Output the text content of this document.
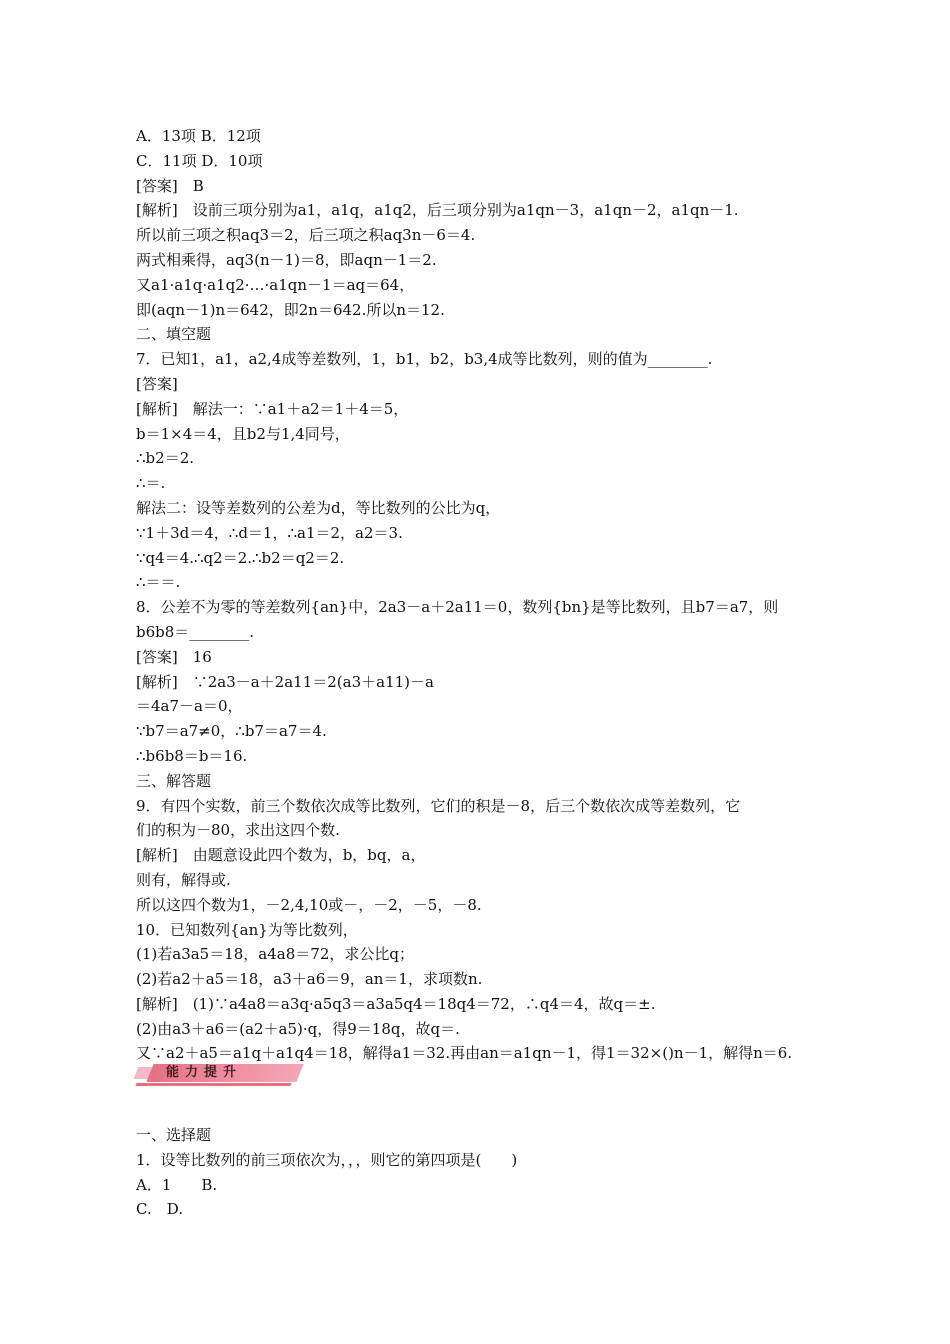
A．13项 B．12项
C．11项 D．10项
[答案]　B
[解析]　设前三项分别为a1，a1q，a1q2，后三项分别为a1qn－3，a1qn－2，a1qn－1.
所以前三项之积aq3＝2，后三项之积aq3n－6＝4.
两式相乘得，aq3(n－1)＝8，即aqn－1＝2.
又a1·a1q·a1q2·…·a1qn－1＝aq＝64，
即(aqn－1)n＝642，即2n＝642.所以n＝12.
二、填空题
7．已知1，a1，a2,4成等差数列，1，b1，b2，b3,4成等比数列，则的值为________.
[答案]
[解析]　解法一：∵a1＋a2＝1＋4＝5，
b＝1×4＝4，且b2与1,4同号，
∴b2＝2.
∴＝.
解法二：设等差数列的公差为d，等比数列的公比为q，
∵1＋3d＝4，∴d＝1，∴a1＝2，a2＝3.
∵q4＝4.∴q2＝2.∴b2＝q2＝2.
∴＝＝.
8．公差不为零的等差数列{an}中，2a3－a＋2a11＝0，数列{bn}是等比数列，且b7＝a7，则
b6b8＝________.
[答案]　16
[解析]　∵2a3－a＋2a11＝2(a3＋a11)－a
＝4a7－a＝0，
∵b7＝a7≠0，∴b7＝a7＝4.
∴b6b8＝b＝16.
三、解答题
9．有四个实数，前三个数依次成等比数列，它们的积是－8，后三个数依次成等差数列，它
们的积为－80，求出这四个数.
[解析]　由题意设此四个数为，b，bq，a，
则有，解得或.
所以这四个数为1，－2,4,10或－，－2，－5，－8.
10．已知数列{an}为等比数列，
(1)若a3a5＝18，a4a8＝72，求公比q；
(2)若a2＋a5＝18，a3＋a6＝9，an＝1，求项数n.
[解析]　(1)∵a4a8＝a3q·a5q3＝a3a5q4＝18q4＝72，∴q4＝4，故q＝±.
(2)由a3＋a6＝(a2＋a5)·q，得9＝18q，故q＝.
又∵a2＋a5＝a1q＋a1q4＝18，解得a1＝32.再由an＝a1qn－1，得1＝32×()n－1，解得n＝6.
能力提升
一、选择题
1．设等比数列的前三项依次为，，，则它的第四项是(　　)
A．1　　B.
C.　D.
